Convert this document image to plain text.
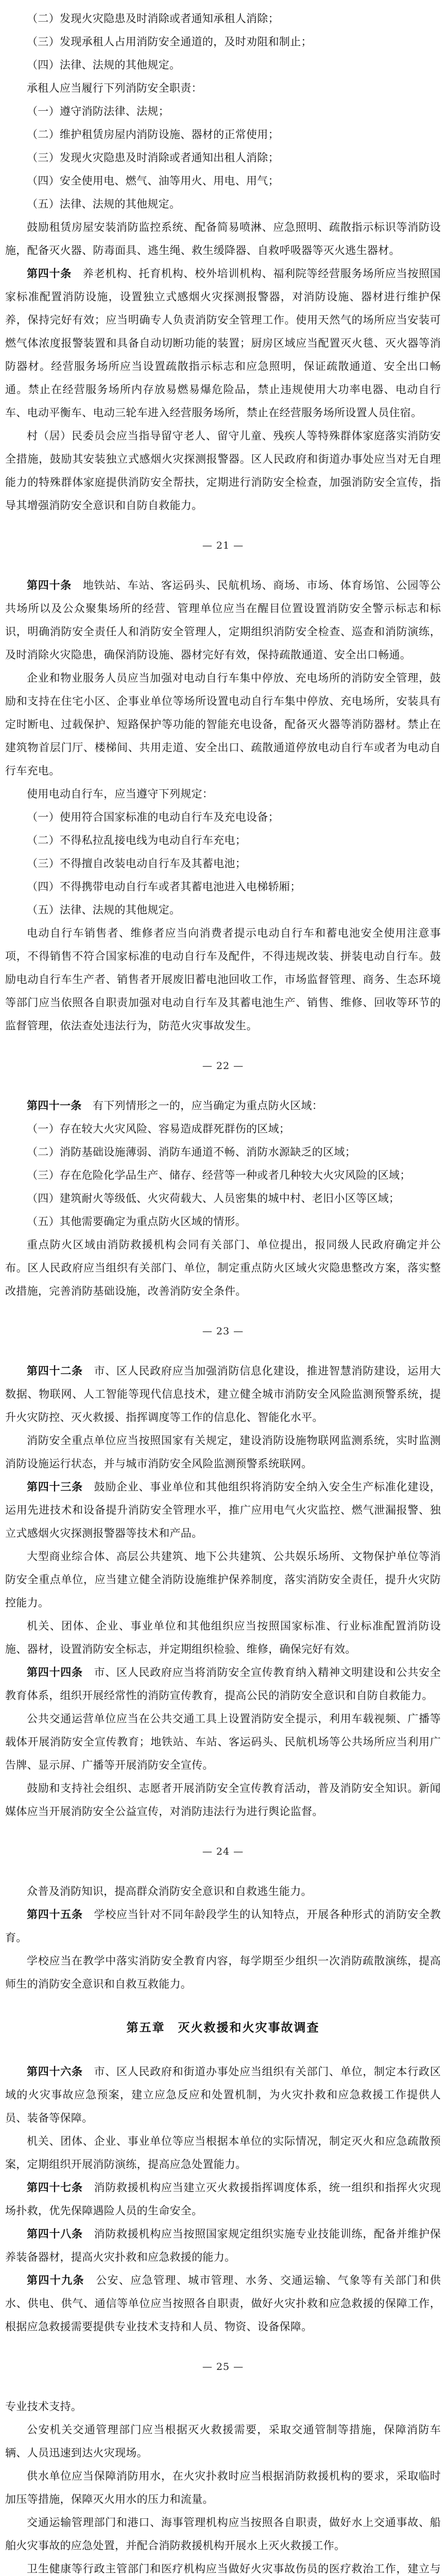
（二）发现火灾隐患及时消除或者通知承租人消除；

（三）发现承租人占用消防安全通道的，及时劝阻和制止；

（四）法律、法规的其他规定。

承租人应当履行下列消防安全职责：

（一）遵守消防法律、法规；

（二）维护租赁房屋内消防设施、器材的正常使用；

（三）发现火灾隐患及时消除或者通知出租人消除；

（四）安全使用电、燃气、油等用火、用电、用气；

（五）法律、法规的其他规定。

鼓励租赁房屋安装消防监控系统、配备简易喷淋、应急照明、疏散指示标识等消防设施，配备灭火器、防毒面具、逃生绳、救生缓降器、自救呼吸器等灭火逃生器材。

第四十条　 养老机构、托育机构、校外培训机构、福利院等经营服务场所应当按照国家标准配置消防设施，设置独立式感烟火灾探测报警器，对消防设施、器材进行维护保养，保持完好有效；应当明确专人负责消防安全管理工作。使用天然气的场所应当安装可燃气体浓度报警装置和具备自动切断功能的装置；厨房区域应当配置灭火毯、灭火器等消防器材。经营服务场所应当设置疏散指示标志和应急照明，保证疏散通道、安全出口畅通。禁止在经营服务场所内存放易燃易爆危险品，禁止违规使用大功率电器、电动自行车、电动平衡车、电动三轮车进入经营服务场所，禁止在经营服务场所设置人员住宿。

村（居）民委员会应当指导留守老人、留守儿童、残疾人等特殊群体家庭落实消防安全措施，鼓励其安装独立式感烟火灾探测报警器。区人民政府和街道办事处应当对无自理能力的特殊群体家庭提供消防安全帮扶，定期进行消防安全检查，加强消防安全宣传，指导其增强消防安全意识和自防自救能力。

— 21 —

第四十条　 地铁站、车站、客运码头、民航机场、商场、市场、体育场馆、公园等公共场所以及公众聚集场所的经营、管理单位应当在醒目位置设置消防安全警示标志和标识，明确消防安全责任人和消防安全管理人，定期组织消防安全检查、巡查和消防演练，及时消除火灾隐患，确保消防设施、器材完好有效，保持疏散通道、安全出口畅通。

企业和物业服务人员应当加强对电动自行车集中停放、充电场所的消防安全管理，鼓励和支持在住宅小区、企事业单位等场所设置电动自行车集中停放、充电场所，安装具有定时断电、过载保护、短路保护等功能的智能充电设备，配备灭火器等消防器材。禁止在建筑物首层门厅、楼梯间、共用走道、安全出口、疏散通道停放电动自行车或者为电动自行车充电。

使用电动自行车，应当遵守下列规定：

（一）使用符合国家标准的电动自行车及充电设备；

（二）不得私拉乱接电线为电动自行车充电；

（三）不得擅自改装电动自行车及其蓄电池；

（四）不得携带电动自行车或者其蓄电池进入电梯轿厢；

（五）法律、法规的其他规定。

电动自行车销售者、维修者应当向消费者提示电动自行车和蓄电池安全使用注意事项，不得销售不符合国家标准的电动自行车及配件，不得违规改装、拼装电动自行车。鼓励电动自行车生产者、销售者开展废旧蓄电池回收工作，市场监督管理、商务、生态环境等部门应当依照各自职责加强对电动自行车及其蓄电池生产、销售、维修、回收等环节的监督管理，依法查处违法行为，防范火灾事故发生。

— 22 —

第四十一条　 有下列情形之一的，应当确定为重点防火区域：

（一）存在较大火灾风险、容易造成群死群伤的区域；

（二）消防基础设施薄弱、消防车通道不畅、消防水源缺乏的区域；

（三）存在危险化学品生产、储存、经营等一种或者几种较大火灾风险的区域；

（四）建筑耐火等级低、火灾荷载大、人员密集的城中村、老旧小区等区域；

（五）其他需要确定为重点防火区域的情形。

重点防火区域由消防救援机构会同有关部门、单位提出，报同级人民政府确定并公布。区人民政府应当组织有关部门、单位，制定重点防火区域火灾隐患整改方案，落实整改措施，完善消防基础设施，改善消防安全条件。

— 23 —

第四十二条　 市、区人民政府应当加强消防信息化建设，推进智慧消防建设，运用大数据、物联网、人工智能等现代信息技术，建立健全城市消防安全风险监测预警系统，提升火灾防控、灭火救援、指挥调度等工作的信息化、智能化水平。

消防安全重点单位应当按照国家有关规定，建设消防设施物联网监测系统，实时监测消防设施运行状态，并与城市消防安全风险监测预警系统联网。

第四十三条　 鼓励企业、事业单位和其他组织将消防安全纳入安全生产标准化建设，运用先进技术和设备提升消防安全管理水平，推广应用电气火灾监控、燃气泄漏报警、独立式感烟火灾探测报警器等技术和产品。

大型商业综合体、高层公共建筑、地下公共建筑、公共娱乐场所、文物保护单位等消防安全重点单位，应当建立健全消防设施维护保养制度，落实消防安全责任，提升火灾防控能力。

机关、团体、企业、事业单位和其他组织应当按照国家标准、行业标准配置消防设施、器材，设置消防安全标志，并定期组织检验、维修，确保完好有效。

第四十四条　 市、区人民政府应当将消防安全宣传教育纳入精神文明建设和公共安全教育体系，组织开展经常性的消防宣传教育，提高公民的消防安全意识和自防自救能力。

公共交通运营单位应当在公共交通工具上设置消防安全提示，利用车载视频、广播等载体开展消防安全宣传教育；地铁站、车站、客运码头、民航机场等公共场所应当利用广告牌、显示屏、广播等开展消防安全宣传。

鼓励和支持社会组织、志愿者开展消防安全宣传教育活动，普及消防安全知识。新闻媒体应当开展消防安全公益宣传，对消防违法行为进行舆论监督。

— 24 —

众普及消防知识，提高群众消防安全意识和自救逃生能力。

第四十五条　 学校应当针对不同年龄段学生的认知特点，开展各种形式的消防安全教育。

学校应当在教学中落实消防安全教育内容，每学期至少组织一次消防疏散演练，提高师生的消防安全意识和自救互救能力。

第五章　灭火救援和火灾事故调查

第四十六条　 市、区人民政府和街道办事处应当组织有关部门、单位，制定本行政区域的火灾事故应急预案，建立应急反应和处置机制，为火灾扑救和应急救援工作提供人员、装备等保障。

机关、团体、企业、事业单位等应当根据本单位的实际情况，制定灭火和应急疏散预案，定期组织开展消防演练，提高应急处置能力。

第四十七条　 消防救援机构应当建立灭火救援指挥调度体系，统一组织和指挥火灾现场扑救，优先保障遇险人员的生命安全。

第四十八条　 消防救援机构应当按照国家规定组织实施专业技能训练，配备并维护保养装备器材，提高火灾扑救和应急救援的能力。

第四十九条　 公安、应急管理、城市管理、水务、交通运输、气象等有关部门和供水、供电、供气、通信等单位应当按照各自职责，做好火灾扑救和应急救援的保障工作，根据应急救援需要提供专业技术支持和人员、物资、设备保障。

— 25 —

专业技术支持。

公安机关交通管理部门应当根据灭火救援需要，采取交通管制等措施，保障消防车辆、人员迅速到达火灾现场。

供水单位应当保障消防用水，在火灾扑救时应当根据消防救援机构的要求，采取临时加压等措施，保障灭火用水的压力和流量。

交通运输管理部门和港口、海事管理机构应当按照各自职责，做好水上交通事故、船舶火灾事故的应急处置，并配合消防救援机构开展水上灭火救援工作。

卫生健康等行政主管部门和医疗机构应当做好火灾事故伤员的医疗救治工作，建立与
